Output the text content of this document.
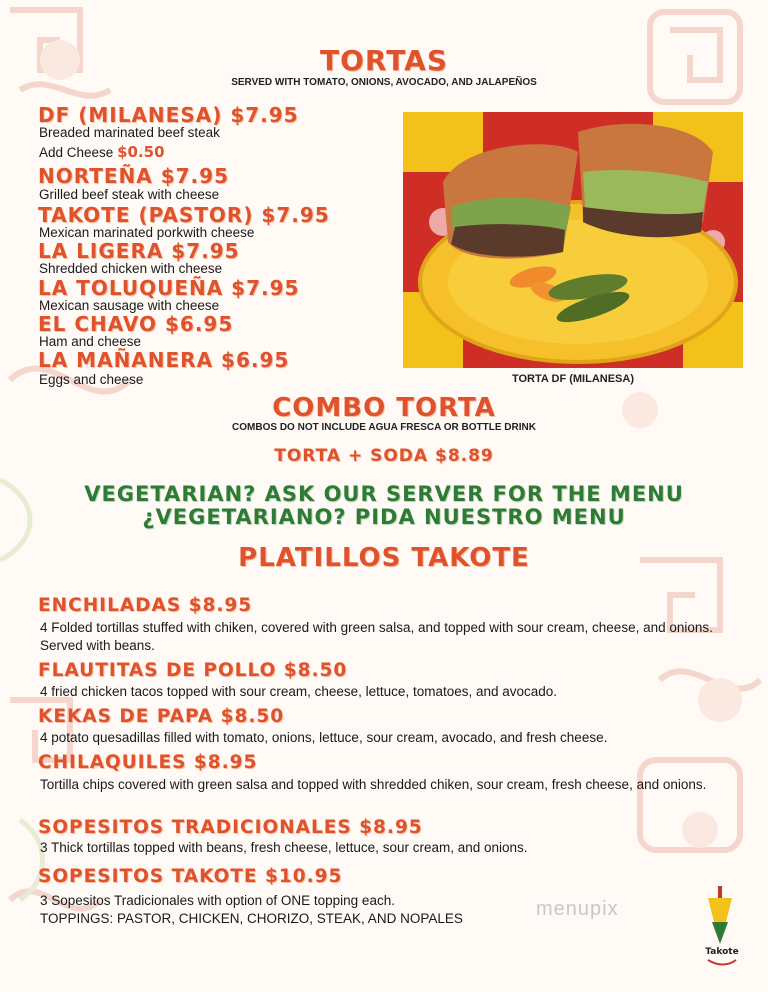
TORTAS
SERVED WITH TOMATO, ONIONS, AVOCADO, AND JALAPEÑOS
DF (MILANESA) $7.95
Breaded marinated beef steak
Add Cheese $0.50
NORTEÑA $7.95
Grilled beef steak with cheese
TAKOTE (PASTOR) $7.95
Mexican marinated porkwith cheese
LA LIGERA $7.95
Shredded chicken with cheese
LA TOLUQUEÑA $7.95
Mexican sausage with cheese
EL CHAVO $6.95
Ham and cheese
LA MAÑANERA $6.95
Eggs and cheese	TORTA DF (MILANESA)
COMBO TORTA
COMBOS DO NOT INCLUDE AGUA FRESCA OR BOTTLE DRINK
TORTA + SODA $8.89
VEGETARIAN? ASK OUR SERVER FOR THE MENU
¿VEGETARIANO? PIDA NUESTRO MENU
PLATILLOS TAKOTE
ENCHILADAS $8.95
4 Folded tortillas stuffed with chiken, covered with green salsa, and topped with sour cream, cheese, and onions. Served with beans.
FLAUTITAS DE POLLO $8.50
4 fried chicken tacos topped with sour cream, cheese, lettuce, tomatoes, and avocado.
KEKAS DE PAPA $8.50
4 potato quesadillas filled with tomato, onions, lettuce, sour cream, avocado, and fresh cheese.
CHILAQUILES $8.95
Tortilla chips covered with green salsa and topped with shredded chiken, sour cream, fresh cheese, and onions.
SOPESITOS TRADICIONALES $8.95
3 Thick tortillas topped with beans, fresh cheese, lettuce, sour cream, and onions.
SOPESITOS TAKOTE $10.95
3 Sopesitos Tradicionales with option of ONE topping each.
TOPPINGS: PASTOR, CHICKEN, CHORIZO, STEAK, AND NOPALES	menupix
Takote
